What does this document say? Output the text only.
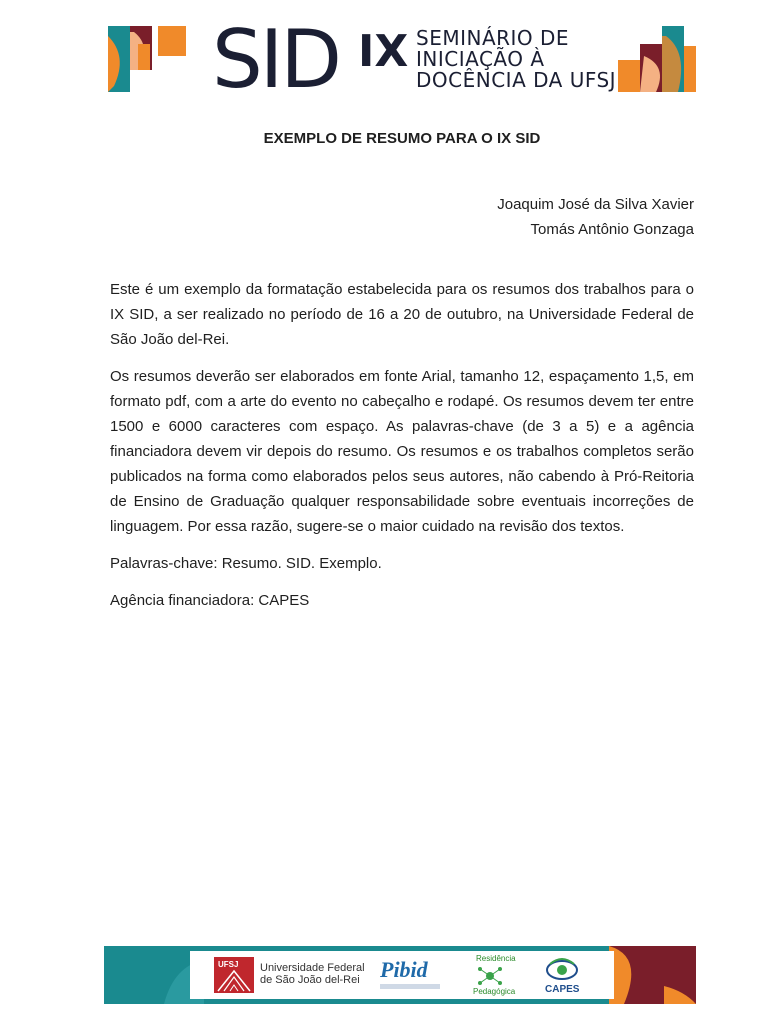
SID IX SEMINÁRIO DE
INICIAÇÃO À
DOCÊNCIA DA UFSJ
EXEMPLO DE RESUMO PARA O IX SID
Joaquim José da Silva Xavier
Tomás Antônio Gonzaga

Este é um exemplo da formatação estabelecida para os resumos dos trabalhos para o IX SID, a ser realizado no período de 16 a 20 de outubro, na Universidade Federal de São João del-Rei.

Os resumos deverão ser elaborados em fonte Arial, tamanho 12, espaçamento 1,5, em formato pdf, com a arte do evento no cabeçalho e rodapé. Os resumos devem ter entre 1500 e 6000 caracteres com espaço. As palavras-chave (de 3 a 5) e a agência financiadora devem vir depois do resumo. Os resumos e os trabalhos completos serão publicados na forma como elaborados pelos seus autores, não cabendo à Pró-Reitoria de Ensino de Graduação qualquer responsabilidade sobre eventuais incorreções de linguagem. Por essa razão, sugere-se o maior cuidado na revisão dos textos.

Palavras-chave: Resumo. SID. Exemplo.

Agência financiadora: CAPES

UFSJ Universidade Federal
de São João del-Rei Pibid	Residência
Pedagógica	CAPES
